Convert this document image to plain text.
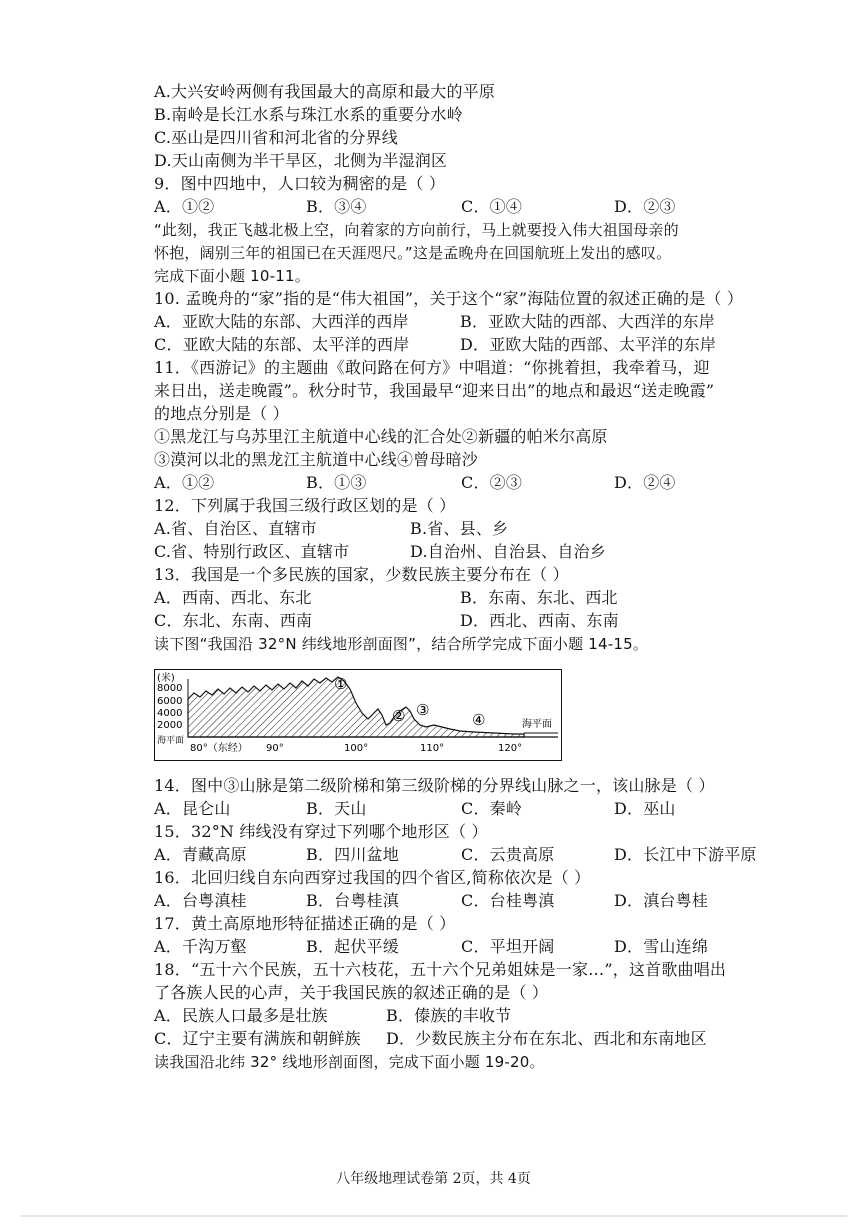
A.大兴安岭两侧有我国最大的高原和最大的平原
B.南岭是长江水系与珠江水系的重要分水岭
C.巫山是四川省和河北省的分界线
D.天山南侧为半干旱区，北侧为半湿润区
9．图中四地中，人口较为稠密的是（ ）
A．①②	B．③④	C．①④	D．②③
“此刻，我正飞越北极上空，向着家的方向前行，马上就要投入伟大祖国母亲的
怀抱，阔别三年的祖国已在天涯咫尺。”这是孟晚舟在回国航班上发出的感叹。
完成下面小题 10-11。
10. 孟晚舟的“家”指的是“伟大祖国”，关于这个“家”海陆位置的叙述正确的是（ ）
A．亚欧大陆的东部、大西洋的西岸	B．亚欧大陆的西部、大西洋的东岸
C．亚欧大陆的东部、太平洋的西岸	D．亚欧大陆的西部、太平洋的东岸
11．《西游记》的主题曲《敢问路在何方》中唱道：“你挑着担，我牵着马，迎
来日出，送走晚霞”。秋分时节，我国最早“迎来日出”的地点和最迟“送走晚霞”
的地点分别是（ ）
①黑龙江与乌苏里江主航道中心线的汇合处②新疆的帕米尔高原
③漠河以北的黑龙江主航道中心线④曾母暗沙
A．①②	B．①③	C．②③	D．②④
12．下列属于我国三级行政区划的是（ ）
A.省、自治区、直辖市	B.省、县、乡
C.省、特别行政区、直辖市	D.自治州、自治县、自治乡
13．我国是一个多民族的国家，少数民族主要分布在（ ）
A．西南、西北、东北	B．东南、东北、西北
C．东北、东南、西南	D．西北、西南、东南
读下图“我国沿 32°N 纬线地形剖面图”，结合所学完成下面小题 14-15。
(米)
8000
6000
4000
2000
海平面
海平面
80°（东经） 90°	100°	110°	120°
①
② ③
④
14．图中③山脉是第二级阶梯和第三级阶梯的分界线山脉之一，该山脉是（ ）
A．昆仑山	B．天山	C．秦岭	D．巫山
15．32°N 纬线没有穿过下列哪个地形区（ ）
A．青藏高原	B．四川盆地	C．云贵高原	D．长江中下游平原
16．北回归线自东向西穿过我国的四个省区,简称依次是（ ）
A．台粤滇桂	B．台粤桂滇	C．台桂粤滇	D．滇台粤桂
17．黄土高原地形特征描述正确的是（ ）
A．千沟万壑	B．起伏平缓	C．平坦开阔	D．雪山连绵
18．“五十六个民族，五十六枝花，五十六个兄弟姐妹是一家…”，这首歌曲唱出
了各族人民的心声，关于我国民族的叙述正确的是（ ）
A．民族人口最多是壮族	B．傣族的丰收节
C．辽宁主要有满族和朝鲜族 D．少数民族主分布在东北、西北和东南地区
读我国沿北纬 32° 线地形剖面图，完成下面小题 19-20。
八年级地理试卷第 2页，共 4页
